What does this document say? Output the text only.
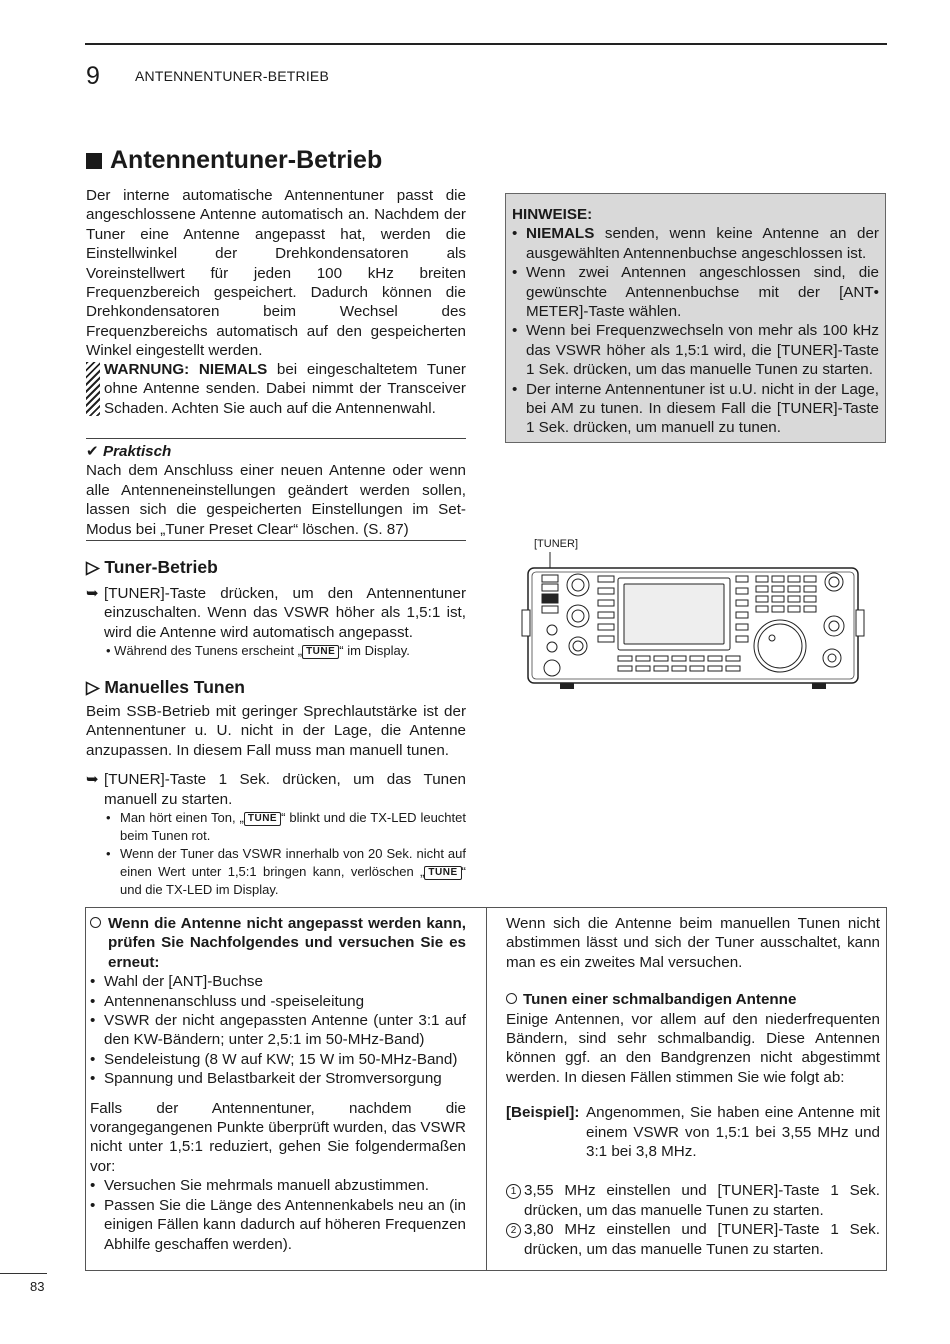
9	ANTENNENTUNER-BETRIEB
Antennentuner-Betrieb

Der interne automatische Antennentuner passt die angeschlossene Antenne automatisch an. Nachdem der Tuner eine Antenne angepasst hat, werden die Einstellwinkel der Drehkondensatoren als Voreinstellwert für jeden 100 kHz breiten Frequenzbereich gespeichert. Dadurch können die Drehkondensatoren beim Wechsel des Frequenzbereichs automatisch auf den gespeicherten Winkel eingestellt werden.

WARNUNG: NIEMALS bei eingeschaltetem Tuner ohne Antenne senden. Dabei nimmt der Transceiver Schaden. Achten Sie auch auf die Antennenwahl.

✔ Praktisch

Nach dem Anschluss einer neuen Antenne oder wenn alle Antenneneinstellungen geändert werden sollen, lassen sich die gespeicherten Einstellungen im Set-Modus bei „Tuner Preset Clear“ löschen. (S. 87)

▷ Tuner-Betrieb
➥ [TUNER]-Taste drücken, um den Antennentuner einzuschalten. Wenn das VSWR höher als 1,5:1 ist, wird die Antenne wird automatisch angepasst.
• Während des Tunens erscheint „ TUNE “ im Display.
▷ Manuelles Tunen

Beim SSB-Betrieb mit geringer Sprechlautstärke ist der Antennentuner u. U. nicht in der Lage, die Antenne anzupassen. In diesem Fall muss man manuell tunen.

➥ [TUNER]-Taste 1 Sek. drücken, um das Tunen manuell zu starten.
• Man hört einen Ton, „ TUNE “ blinkt und die TX-LED leuchtet beim Tunen rot.
• Wenn der Tuner das VSWR innerhalb von 20 Sek. nicht auf einen Wert unter 1,5:1 bringen kann, verlöschen „ TUNE “ und die TX-LED im Display.
HINWEISE:
• NIEMALS senden, wenn keine Antenne an der ausgewählten Antennenbuchse angeschlossen ist.
• Wenn zwei Antennen angeschlossen sind, die gewünschte Antennenbuchse mit der [ANT• METER]-Taste wählen.
• Wenn bei Frequenzwechseln von mehr als 100 kHz das VSWR höher als 1,5:1 wird, die [TUNER]-Taste 1 Sek. drücken, um das manuelle Tunen zu starten.
• Der interne Antennentuner ist u.U. nicht in der Lage, bei AM zu tunen. In diesem Fall die [TUNER]-Taste 1 Sek. drücken, um manuell zu tunen.
[TUNER]
Wenn die Antenne nicht angepasst werden kann, prüfen Sie Nachfolgendes und versuchen Sie es erneut:
• Wahl der [ANT]-Buchse
• Antennenanschluss und -speiseleitung
• VSWR der nicht angepassten Antenne (unter 3:1 auf den KW-Bändern; unter 2,5:1 im 50-MHz-Band)
• Sendeleistung (8 W auf KW; 15 W im 50-MHz-Band)
• Spannung und Belastbarkeit der Stromversorgung

Falls der Antennentuner, nachdem die vorangegangenen Punkte überprüft wurden, das VSWR nicht unter 1,5:1 reduziert, gehen Sie folgendermaßen vor:

• Versuchen Sie mehrmals manuell abzustimmen.
• Passen Sie die Länge des Antennenkabels neu an (in einigen Fällen kann dadurch auf höheren Frequenzen Abhilfe geschaffen werden).

Wenn sich die Antenne beim manuellen Tunen nicht abstimmen lässt und sich der Tuner ausschaltet, kann man es ein zweites Mal versuchen.

Tunen einer schmalbandigen Antenne

Einige Antennen, vor allem auf den niederfrequenten Bändern, sind sehr schmalbandig. Diese Antennen können ggf. an den Bandgrenzen nicht abgestimmt werden. In diesen Fällen stimmen Sie wie folgt ab:

[Beispiel]: Angenommen, Sie haben eine Antenne mit einem VSWR von 1,5:1 bei 3,55 MHz und 3:1 bei 3,8 MHz.
1 3,55 MHz einstellen und [TUNER]-Taste 1 Sek. drücken, um das manuelle Tunen zu starten.
2 3,80 MHz einstellen und [TUNER]-Taste 1 Sek. drücken, um das manuelle Tunen zu starten.
83
